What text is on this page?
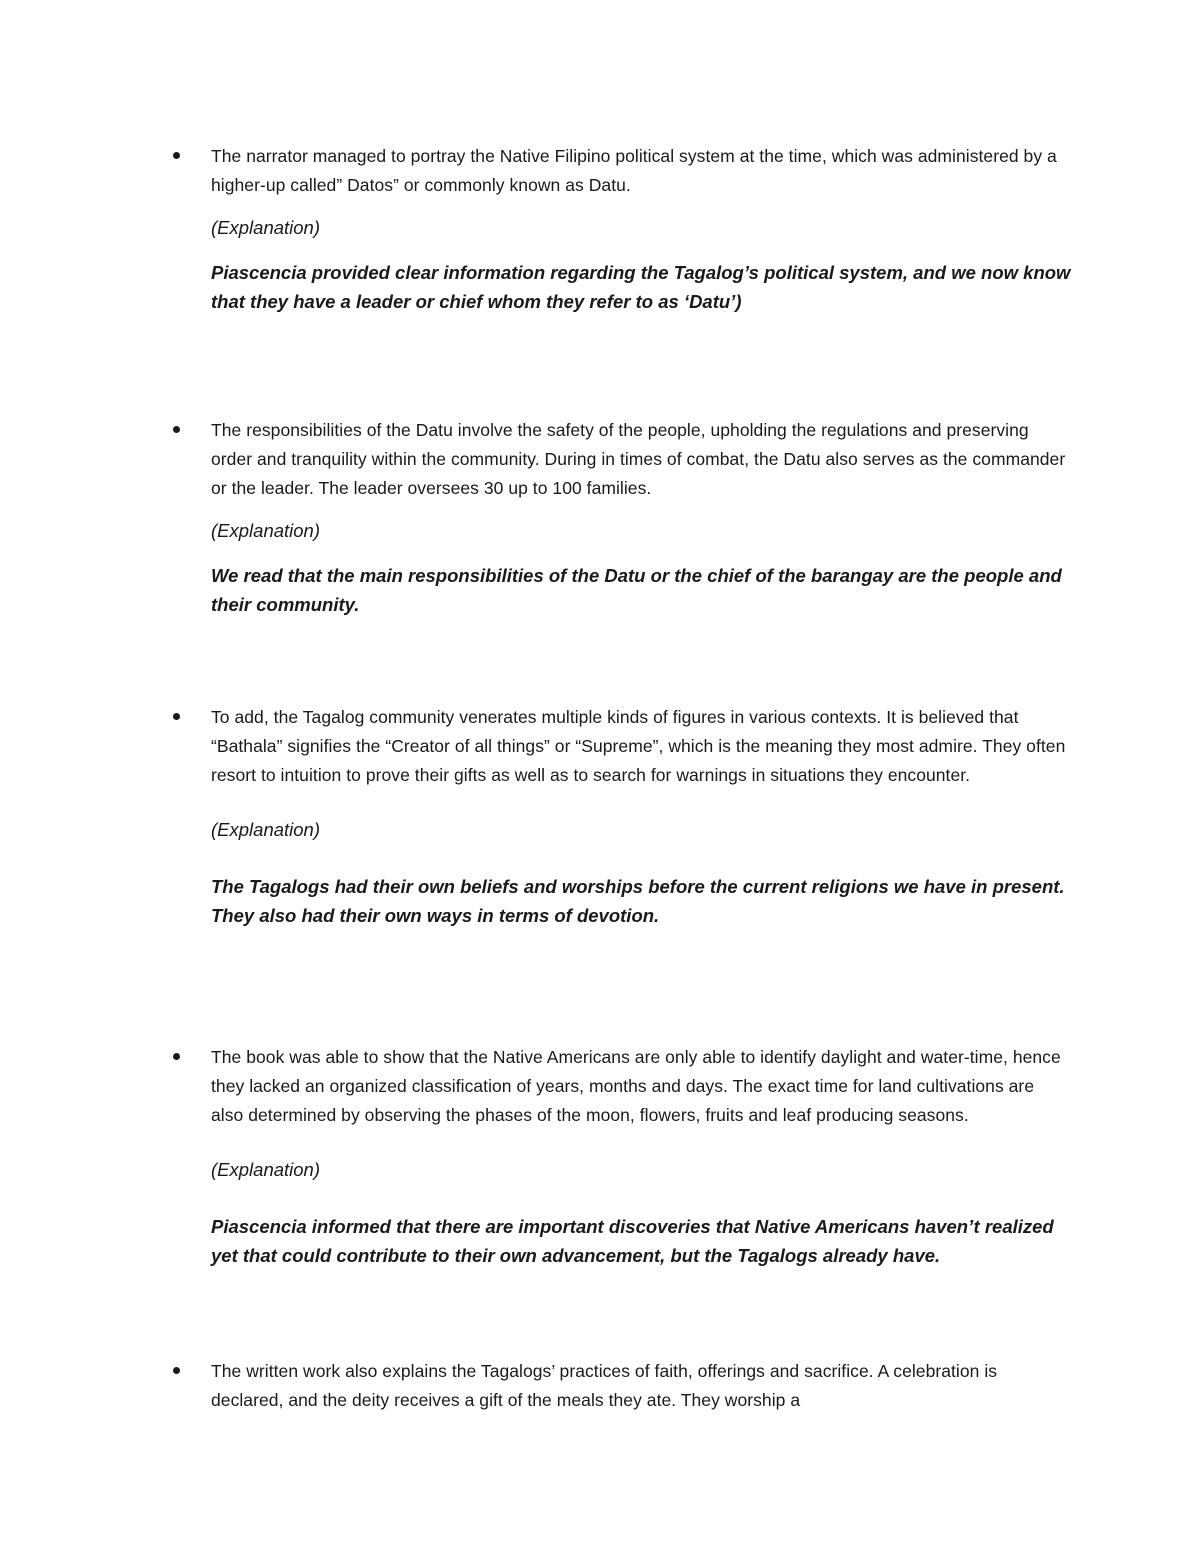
The narrator managed to portray the Native Filipino political system at the time, which was administered by a higher-up called” Datos” or commonly known as Datu.

(Explanation)

Piascencia provided clear information regarding the Tagalog’s political system, and we now know that they have a leader or chief whom they refer to as ‘Datu’)

The responsibilities of the Datu involve the safety of the people, upholding the regulations and preserving order and tranquility within the community. During in times of combat, the Datu also serves as the commander or the leader. The leader oversees 30 up to 100 families.

(Explanation)

We read that the main responsibilities of the Datu or the chief of the barangay are the people and their community.

To add, the Tagalog community venerates multiple kinds of figures in various contexts. It is believed that “Bathala” signifies the “Creator of all things” or “Supreme”, which is the meaning they most admire. They often resort to intuition to prove their gifts as well as to search for warnings in situations they encounter.

(Explanation)

The Tagalogs had their own beliefs and worships before the current religions we have in present. They also had their own ways in terms of devotion.

The book was able to show that the Native Americans are only able to identify daylight and water-time, hence they lacked an organized classification of years, months and days. The exact time for land cultivations are also determined by observing the phases of the moon, flowers, fruits and leaf producing seasons.

(Explanation)

Piascencia informed that there are important discoveries that Native Americans haven’t realized yet that could contribute to their own advancement, but the Tagalogs already have.

The written work also explains the Tagalogs’ practices of faith, offerings and sacrifice. A celebration is declared, and the deity receives a gift of the meals they ate. They worship a
